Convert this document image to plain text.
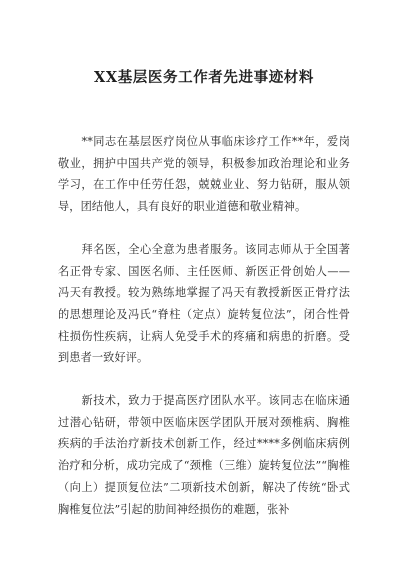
XX基层医务工作者先进事迹材料

**同志在基层医疗岗位从事临床诊疗工作**年，爱岗敬业，拥护中国共产党的领导，积极参加政治理论和业务学习，在工作中任劳任怨，兢兢业业、努力钻研，服从领导，团结他人，具有良好的职业道德和敬业精神。

拜名医，全心全意为患者服务。该同志师从于全国著名正骨专家、国医名师、主任医师、新医正骨创始人——冯天有教授。较为熟练地掌握了冯天有教授新医正骨疗法的思想理论及冯氏“脊柱（定点）旋转复位法”，闭合性骨柱损伤性疾病，让病人免受手术的疼痛和病患的折磨。受到患者一致好评。

新技术，致力于提高医疗团队水平。该同志在临床通过潜心钻研，带领中医临床医学团队开展对颈椎病、胸椎疾病的手法治疗新技术创新工作，经过****多例临床病例治疗和分析，成功完成了“颈椎（三维）旋转复位法”“胸椎（向上）提顶复位法”二项新技术创新，解决了传统“卧式胸椎复位法”引起的肋间神经损伤的难题，张补
